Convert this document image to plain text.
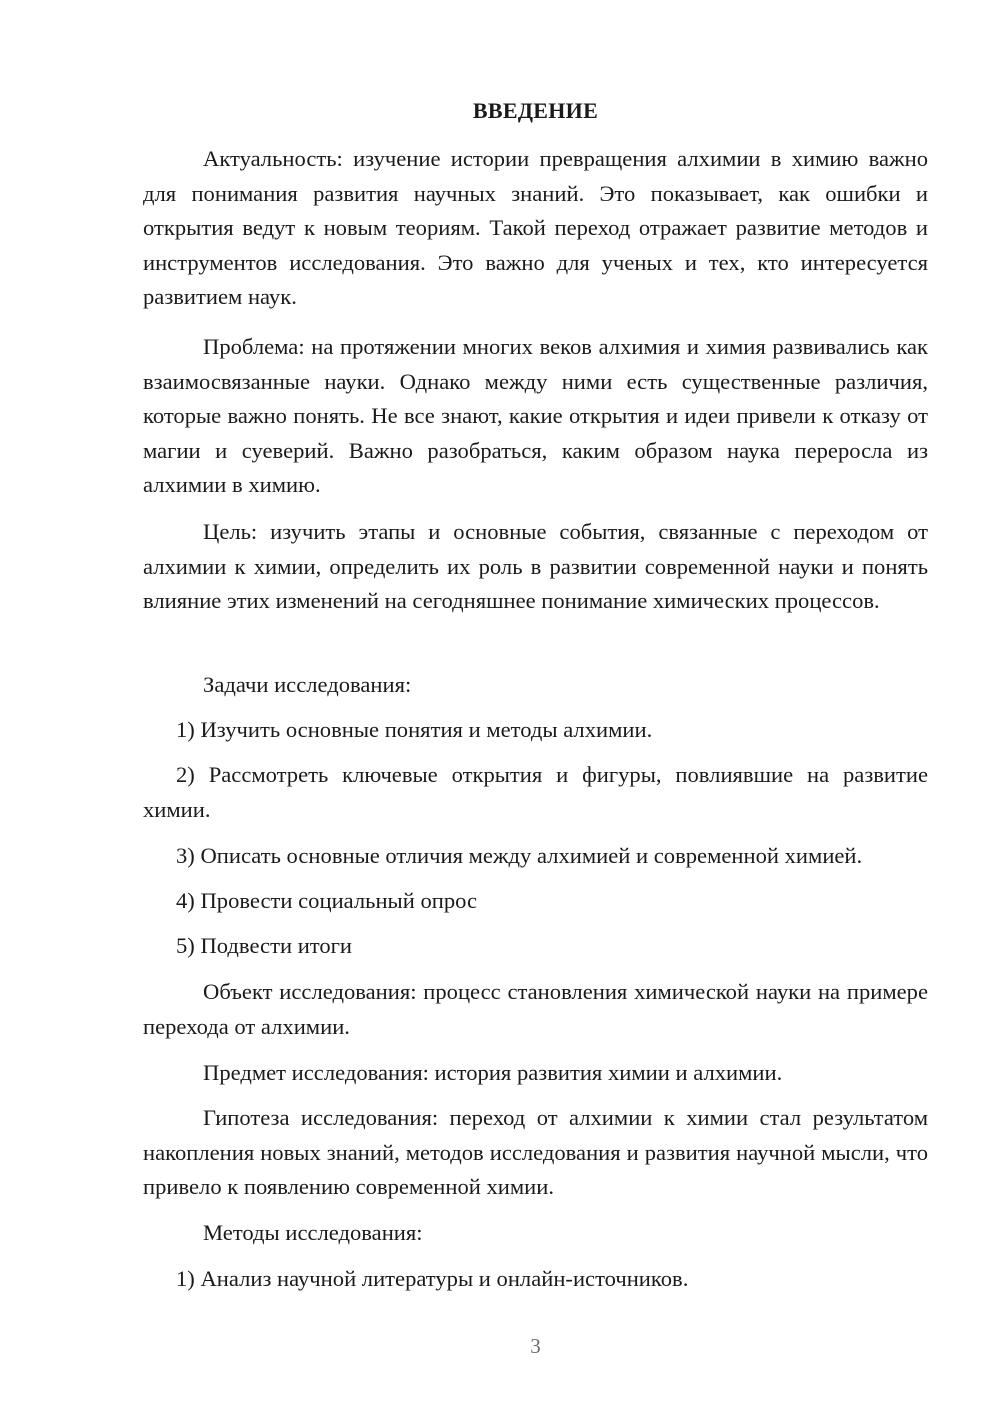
ВВЕДЕНИЕ

Актуальность: изучение истории превращения алхимии в химию важно для понимания развития научных знаний. Это показывает, как ошибки и открытия ведут к новым теориям. Такой переход отражает развитие методов и инструментов исследования. Это важно для ученых и тех, кто интересуется развитием наук.

Проблема: на протяжении многих веков алхимия и химия развивались как взаимосвязанные науки. Однако между ними есть существенные различия, которые важно понять. Не все знают, какие открытия и идеи привели к отказу от магии и суеверий. Важно разобраться, каким образом наука переросла из алхимии в химию.

Цель: изучить этапы и основные события, связанные с переходом от алхимии к химии, определить их роль в развитии современной науки и понять влияние этих изменений на сегодняшнее понимание химических процессов.

Задачи исследования:

1) Изучить основные понятия и методы алхимии.

2) Рассмотреть ключевые открытия и фигуры, повлиявшие на развитие химии.

3) Описать основные отличия между алхимией и современной химией.

4) Провести социальный опрос

5) Подвести итоги

Объект исследования: процесс становления химической науки на примере перехода от алхимии.

Предмет исследования: история развития химии и алхимии.

Гипотеза исследования: переход от алхимии к химии стал результатом накопления новых знаний, методов исследования и развития научной мысли, что привело к появлению современной химии.

Методы исследования:

1) Анализ научной литературы и онлайн-источников.

3
